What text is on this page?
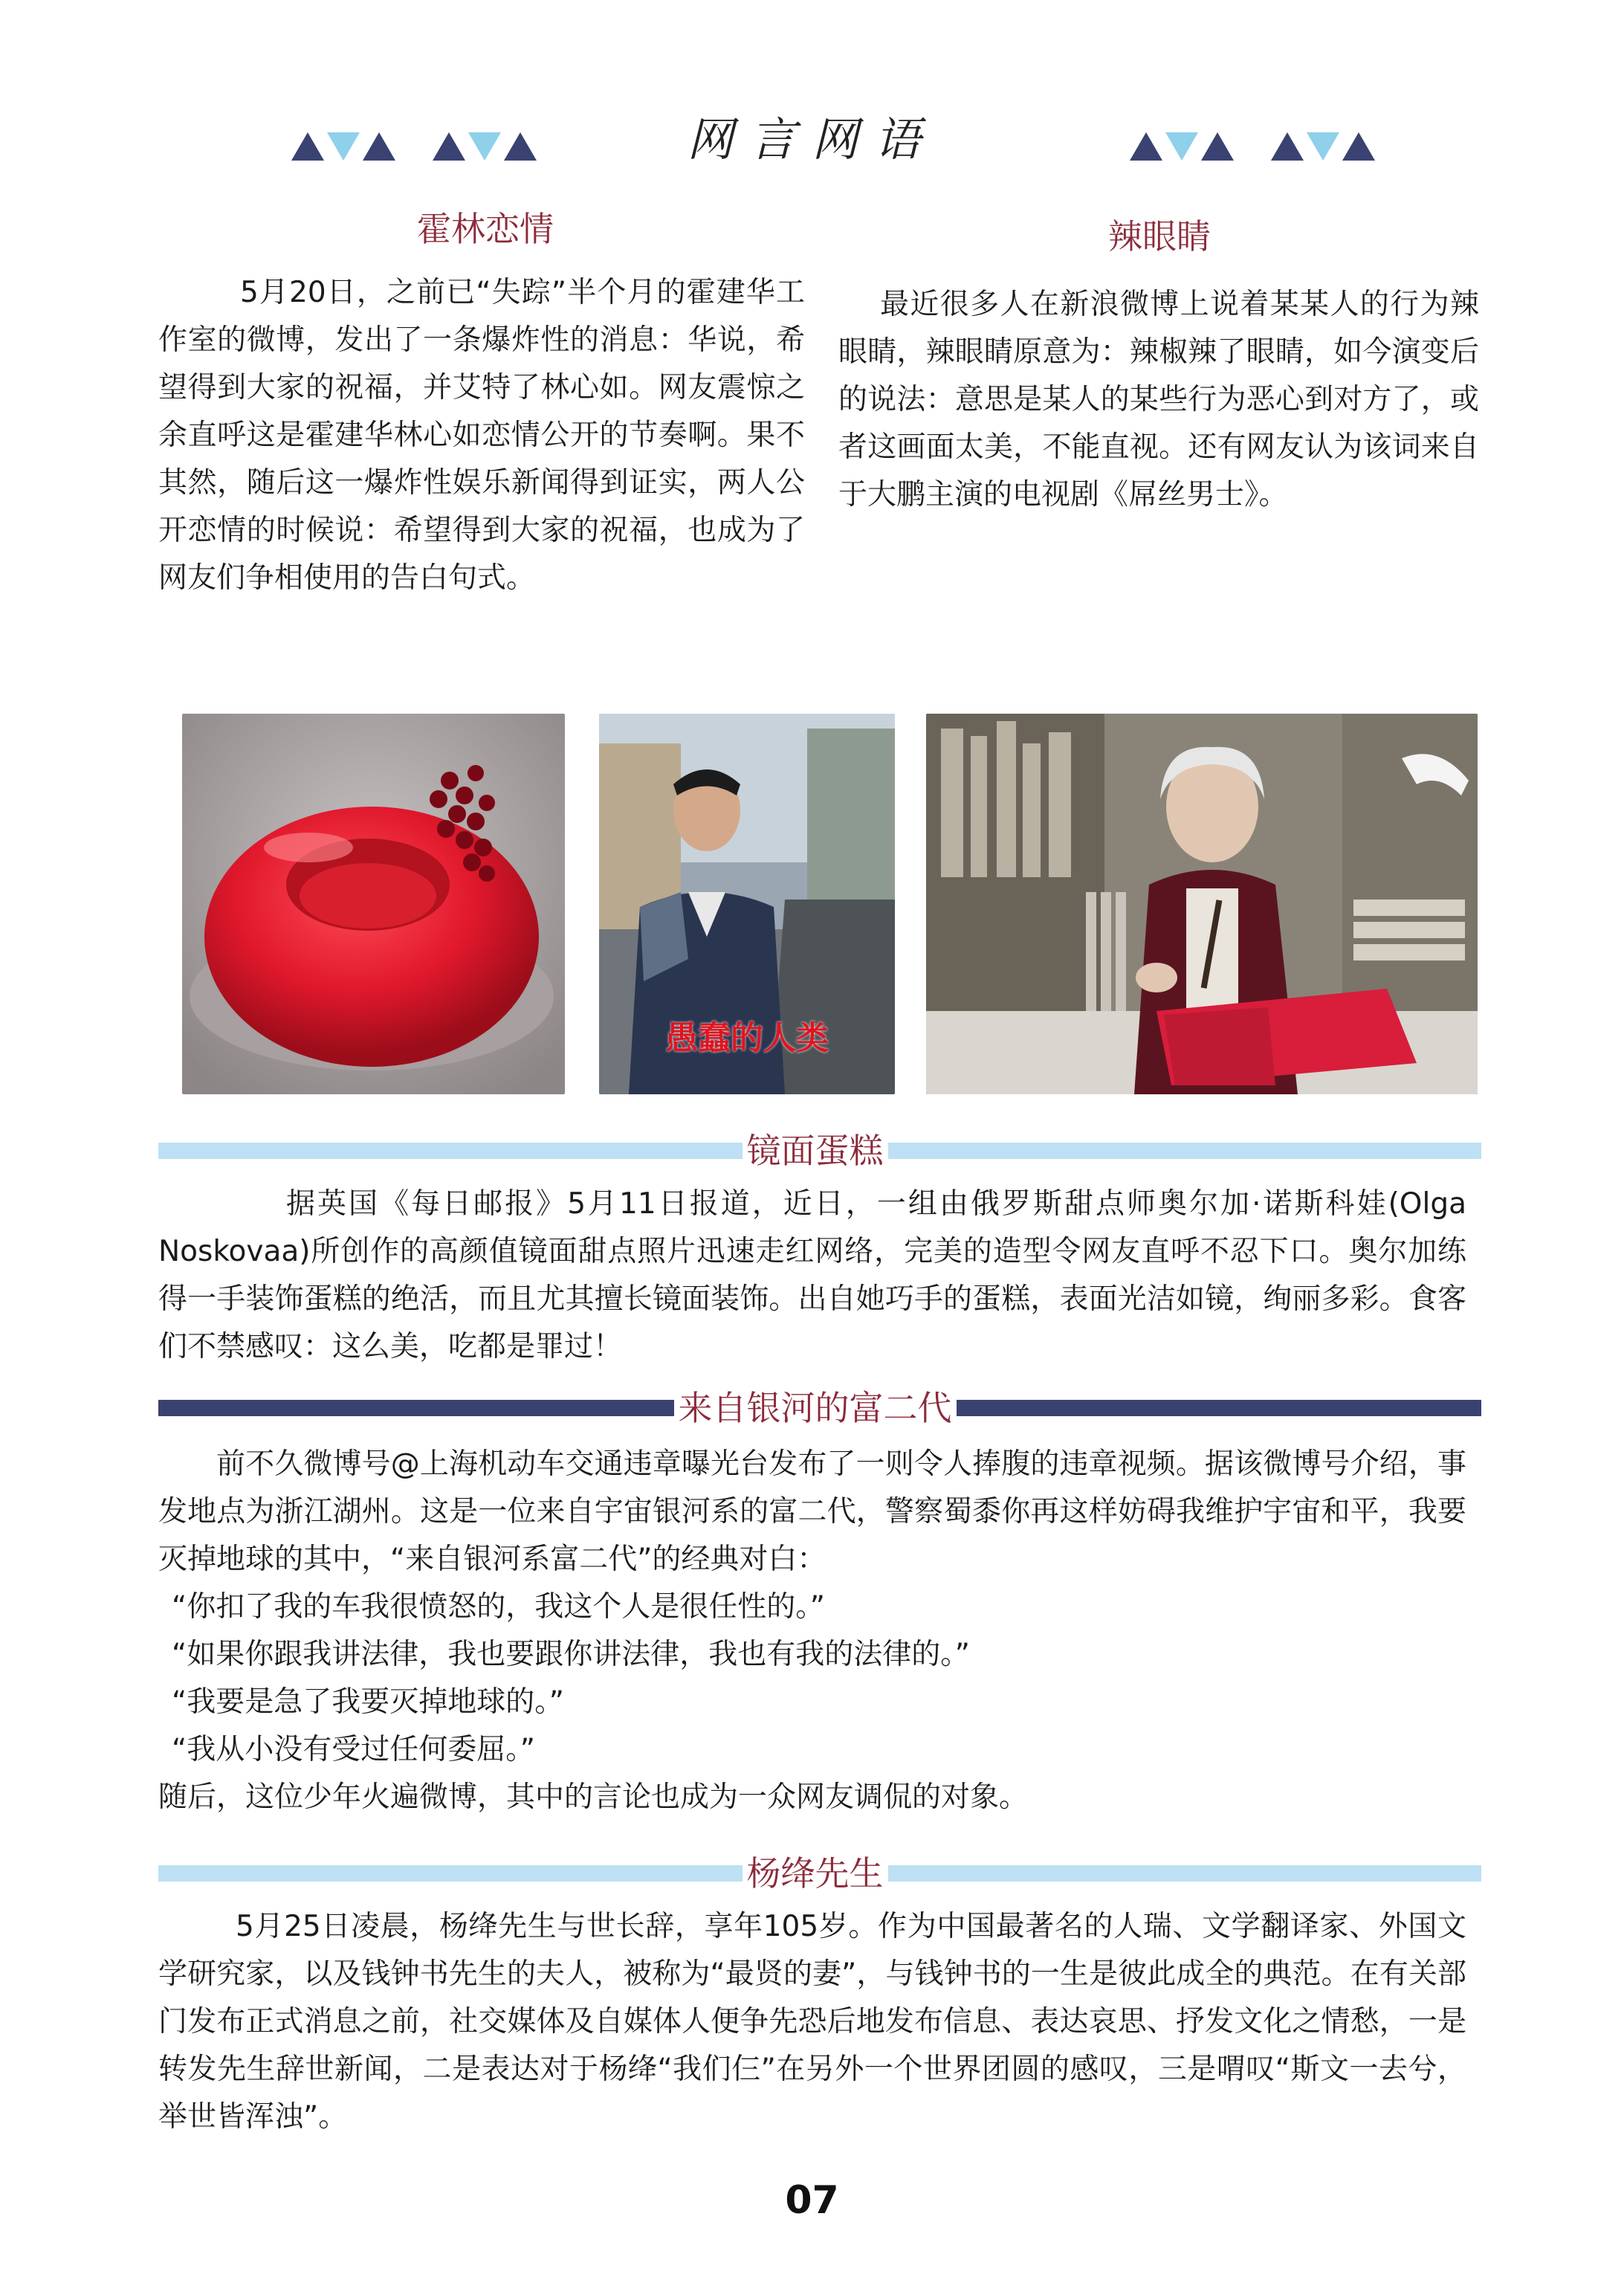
网言网语
霍林恋情
5月20日，之前已“失踪”半个月的霍建华工作室的微博，发出了一条爆炸性的消息：华说，希望得到大家的祝福，并艾特了林心如。网友震惊之余直呼这是霍建华林心如恋情公开的节奏啊。果不其然，随后这一爆炸性娱乐新闻得到证实，两人公开恋情的时候说：希望得到大家的祝福，也成为了网友们争相使用的告白句式。
辣眼睛
最近很多人在新浪微博上说着某某人的行为辣眼睛，辣眼睛原意为：辣椒辣了眼睛，如今演变后的说法：意思是某人的某些行为恶心到对方了，或者这画面太美，不能直视。还有网友认为该词来自于大鹏主演的电视剧《屌丝男士》。
愚蠢的人类
镜面蛋糕
据英国《每日邮报》5月11日报道，近日，一组由俄罗斯甜点师奥尔加·诺斯科娃(Olga Noskovaa)所创作的高颜值镜面甜点照片迅速走红网络，完美的造型令网友直呼不忍下口。奥尔加练得一手装饰蛋糕的绝活，而且尤其擅长镜面装饰。出自她巧手的蛋糕，表面光洁如镜，绚丽多彩。食客们不禁感叹：这么美，吃都是罪过！
来自银河的富二代
前不久微博号@上海机动车交通违章曝光台发布了一则令人捧腹的违章视频。据该微博号介绍，事发地点为浙江湖州。这是一位来自宇宙银河系的富二代，警察蜀黍你再这样妨碍我维护宇宙和平，我要灭掉地球的其中，“来自银河系富二代”的经典对白：
“你扣了我的车我很愤怒的，我这个人是很任性的。”
“如果你跟我讲法律，我也要跟你讲法律，我也有我的法律的。”
“我要是急了我要灭掉地球的。”
“我从小没有受过任何委屈。”
随后，这位少年火遍微博，其中的言论也成为一众网友调侃的对象。
杨绛先生
5月25日凌晨，杨绛先生与世长辞，享年105岁。作为中国最著名的人瑞、文学翻译家、外国文学研究家，以及钱钟书先生的夫人，被称为“最贤的妻”，与钱钟书的一生是彼此成全的典范。在有关部门发布正式消息之前，社交媒体及自媒体人便争先恐后地发布信息、表达哀思、抒发文化之情愁，一是转发先生辞世新闻，二是表达对于杨绛“我们仨”在另外一个世界团圆的感叹，三是喟叹“斯文一去兮，举世皆浑浊”。
07
